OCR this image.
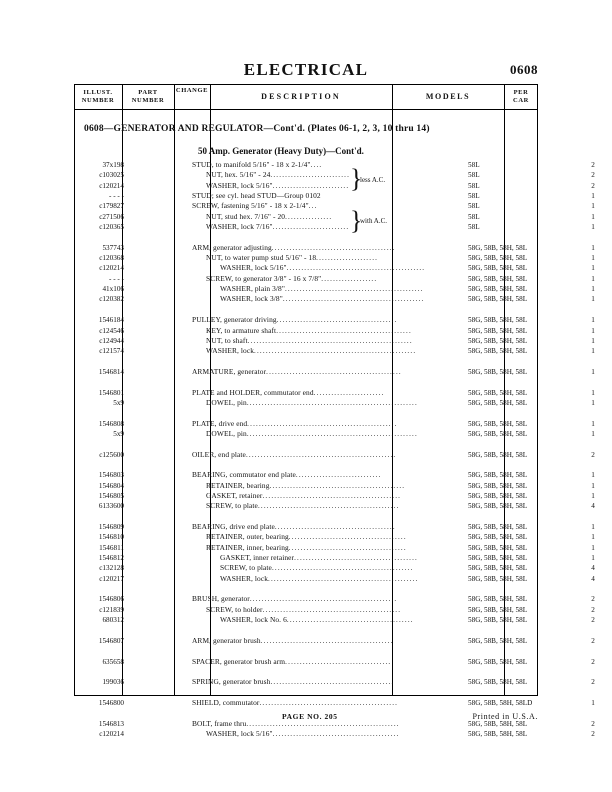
ELECTRICAL	0608
ILLUST.
NUMBER
PART
NUMBER
CHANGE
DESCRIPTION	MODELS	PER
CAR
0608—GENERATOR AND REGULATOR—Cont'd. (Plates 06-1, 2, 3, 10 thru 14)
50 Amp. Generator (Heavy Duty)—Cont'd.
37x198	STUD, to manifold 5/16" - 18 x 2-1/4"....	58L	2
c103025	NUT, hex. 5/16" - 24...........................	58L	2
c120214	WASHER, lock 5/16"..........................	58L	2
- - - -	STUD; see cyl. head STUD—Group 0102	58L	1
c179827	SCREW, fastening 5/16" - 18 x 2-1/4"...	58L	1
c271506	NUT, stud hex. 7/16" - 20................	58L	1
c120365	WASHER, lock 7/16"..........................	58L	1
537743	ARM, generator adjusting..........................................	58G, 58B, 58H, 58L	1
c120368	NUT, to water pump stud 5/16" - 18.....................	58G, 58B, 58H, 58L	1
c120214	WASHER, lock 5/16"...............................................	58G, 58B, 58H, 58L	1
- - - -	SCREW, to generator 3/8" - 16 x 7/8"...................	58G, 58B, 58H, 58L	1
41x106	WASHER, plain 3/8"...............................................	58G, 58B, 58H, 58L	1
c120382	WASHER, lock 3/8"................................................	58G, 58B, 58H, 58L	1
1546184	PULLEY, generator driving.........................................	58G, 58B, 58H, 58L	1
c124546	KEY, to armature shaft..............................................	58G, 58B, 58H, 58L	1
c124944	NUT, to shaft........................................................	58G, 58B, 58H, 58L	1
c121574	WASHER, lock.......................................................	58G, 58B, 58H, 58L	1
1546814	ARMATURE, generator..............................................	58G, 58B, 58H, 58L	1
1546801	PLATE and HOLDER, commutator end........................	58G, 58B, 58H, 58L	1
5x9	DOWEL, pin..........................................................	58G, 58B, 58H, 58L	1
1546808	PLATE, drive end...................................................	58G, 58B, 58H, 58L	1
5x9	DOWEL, pin..........................................................	58G, 58B, 58H, 58L	1
c125600	OILER, end plate...................................................	58G, 58B, 58H, 58L	2
1546803	BEARING, commutator end plate.............................	58G, 58B, 58H, 58L	1
1546804	RETAINER, bearing..............................................	58G, 58B, 58H, 58L	1
1546805	GASKET, retainer...............................................	58G, 58B, 58H, 58L	1
6133600	SCREW, to plate................................................	58G, 58B, 58H, 58L	4
1546809	BEARING, drive end plate.........................................	58G, 58B, 58H, 58L	1
1546810	RETAINER, outer, bearing........................................	58G, 58B, 58H, 58L	1
1546811	RETAINER, inner, bearing........................................	58G, 58B, 58H, 58L	1
1546812	GASKET, inner retainer..........................................	58G, 58B, 58H, 58L	1
c132128	SCREW, to plate................................................	58G, 58B, 58H, 58L	4
c120217	WASHER, lock...................................................	58G, 58B, 58H, 58L	4
1546806	BRUSH, generator..................................................	58G, 58B, 58H, 58L	2
c121839	SCREW, to holder...............................................	58G, 58B, 58H, 58L	2
680312	WASHER, lock No. 6...........................................	58G, 58B, 58H, 58L	2
1546807	ARM, generator brush.............................................	58G, 58B, 58H, 58L	2
635658	SPACER, generator brush arm....................................	58G, 58B, 58H, 58L	2
199036	SPRING, generator brush..........................................	58G, 58B, 58H, 58L	2
1546800	SHIELD, commutator...............................................	58G, 58B, 58H, 58LD	1
1546813	BOLT, frame thru....................................................	58G, 58B, 58H, 58L	2
c120214	WASHER, lock 5/16"...........................................	58G, 58B, 58H, 58L	2
}
less A.C.
}
with A.C.
PAGE NO. 205	Printed in U.S.A.
